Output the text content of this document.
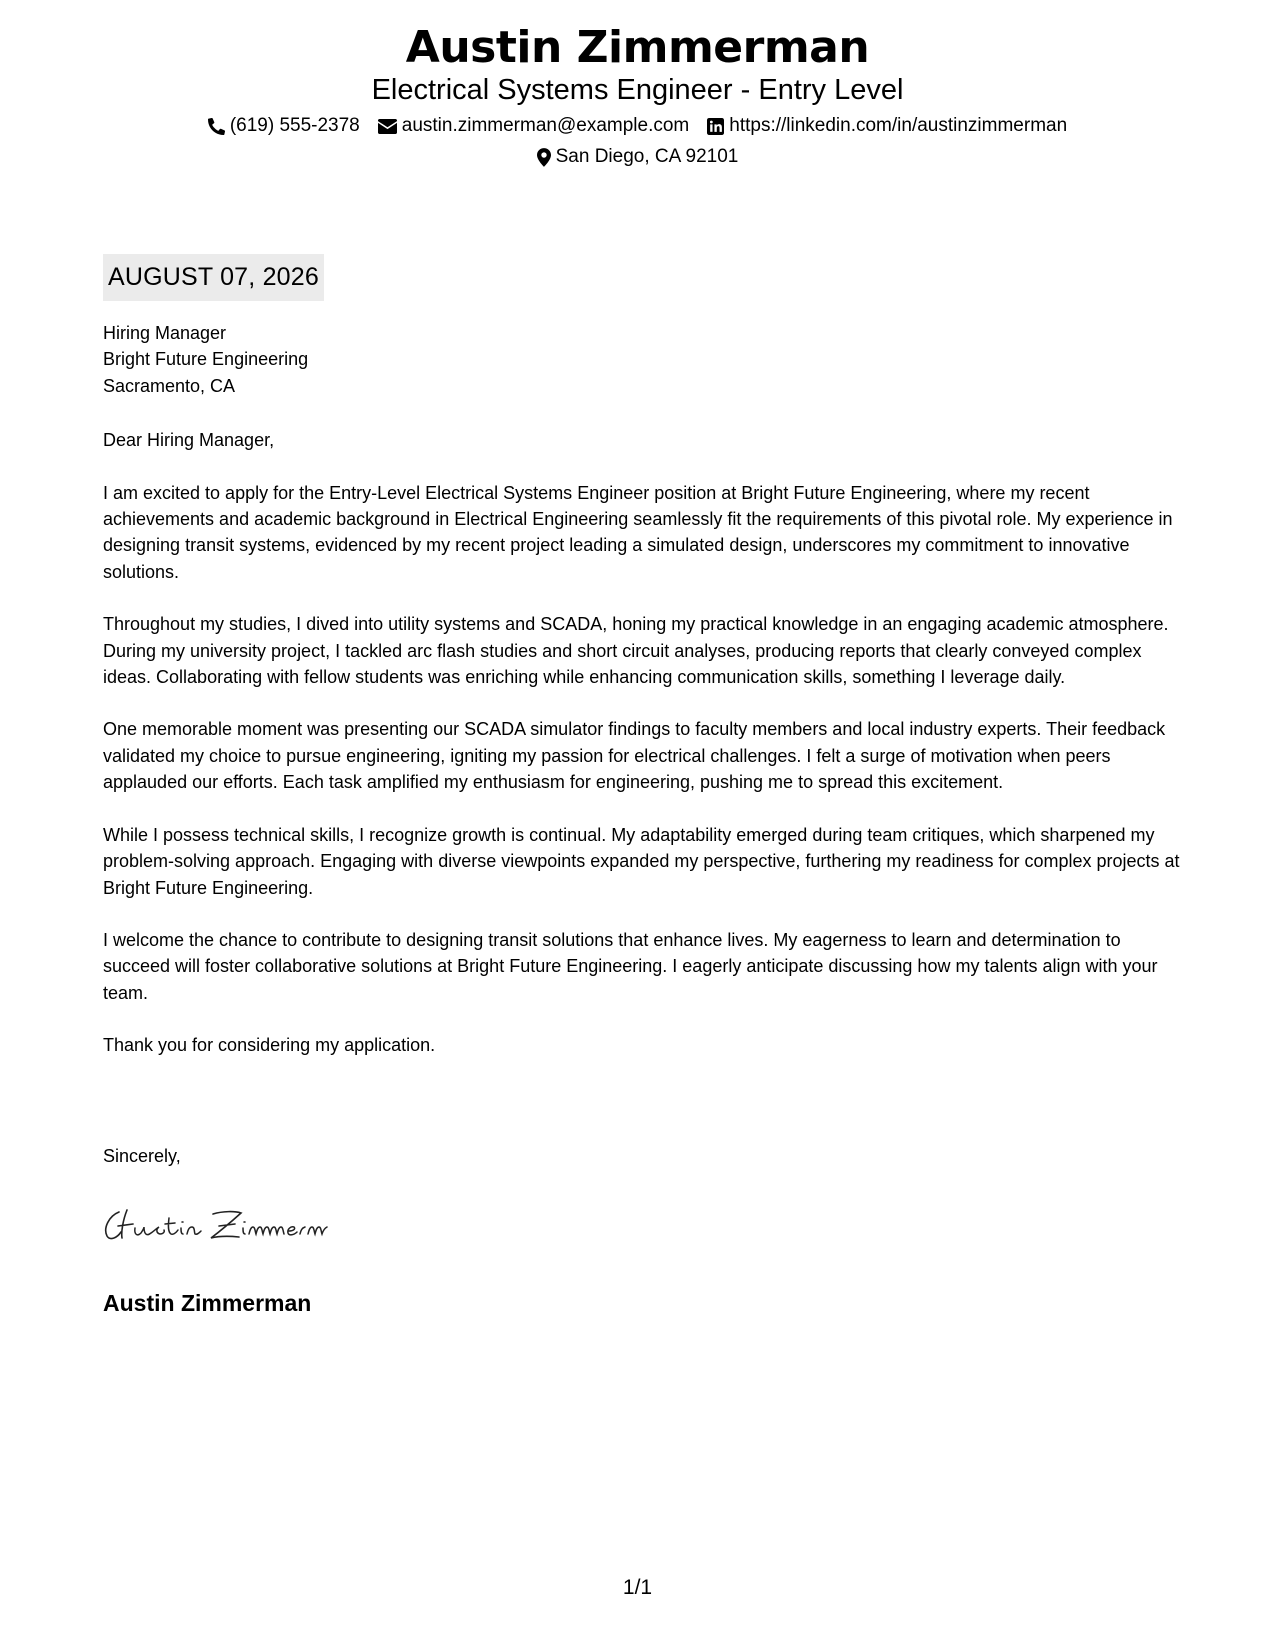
Austin Zimmerman
Electrical Systems Engineer - Entry Level
(619) 555-2378 austin.zimmerman@example.com https://linkedin.com/in/austinzimmerman
San Diego, CA 92101
AUGUST 07, 2026
Hiring Manager
Bright Future Engineering
Sacramento, CA
Dear Hiring Manager,
I am excited to apply for the Entry-Level Electrical Systems Engineer position at Bright Future Engineering, where my recent achievements and academic background in Electrical Engineering seamlessly fit the requirements of this pivotal role. My experience in designing transit systems, evidenced by my recent project leading a simulated design, underscores my commitment to innovative solutions.
Throughout my studies, I dived into utility systems and SCADA, honing my practical knowledge in an engaging academic atmosphere. During my university project, I tackled arc flash studies and short circuit analyses, producing reports that clearly conveyed complex ideas. Collaborating with fellow students was enriching while enhancing communication skills, something I leverage daily.
One memorable moment was presenting our SCADA simulator findings to faculty members and local industry experts. Their feedback validated my choice to pursue engineering, igniting my passion for electrical challenges. I felt a surge of motivation when peers applauded our efforts. Each task amplified my enthusiasm for engineering, pushing me to spread this excitement.
While I possess technical skills, I recognize growth is continual. My adaptability emerged during team critiques, which sharpened my problem-solving approach. Engaging with diverse viewpoints expanded my perspective, furthering my readiness for complex projects at Bright Future Engineering.
I welcome the chance to contribute to designing transit solutions that enhance lives. My eagerness to learn and determination to succeed will foster collaborative solutions at Bright Future Engineering. I eagerly anticipate discussing how my talents align with your team.
Thank you for considering my application.
Sincerely,
Austin Zimmerman
1/1
